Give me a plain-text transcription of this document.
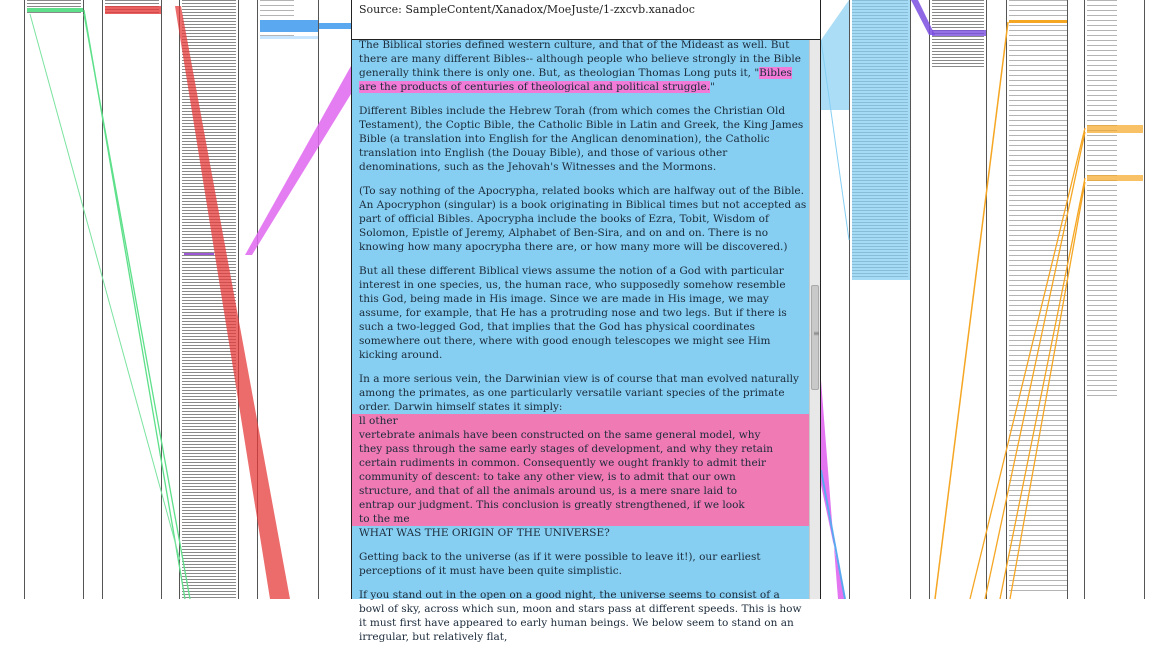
Source: SampleContent/Xanadox/MoeJuste/1-zxcvb.xanadoc

The Biblical stories defined western culture, and that of the Mideast as well. But there are many different Bibles-- although people who believe strongly in the Bible generally think there is only one. But, as theologian Thomas Long puts it, "Bibles are the products of centuries of theological and political struggle."

Different Bibles include the Hebrew Torah (from which comes the Christian Old Testament), the Coptic Bible, the Catholic Bible in Latin and Greek, the King James Bible (a translation into English for the Anglican denomination), the Catholic translation into English (the Douay Bible), and those of various other denominations, such as the Jehovah's Witnesses and the Mormons.

(To say nothing of the Apocrypha, related books which are halfway out of the Bible. An Apocryphon (singular) is a book originating in Biblical times but not accepted as part of official Bibles. Apocrypha include the books of Ezra, Tobit, Wisdom of Solomon, Epistle of Jeremy, Alphabet of Ben-Sira, and on and on. There is no knowing how many apocrypha there are, or how many more will be discovered.)

But all these different Biblical views assume the notion of a God with particular interest in one species, us, the human race, who supposedly somehow resemble this God, being made in His image. Since we are made in His image, we may assume, for example, that He has a protruding nose and two legs. But if there is such a two-legged God, that implies that the God has physical coordinates somewhere out there, where with good enough telescopes we might see Him kicking around.

In a more serious vein, the Darwinian view is of course that man evolved naturally among the primates, as one particularly versatile variant species of the primate order. Darwin himself states it simply:

ll other
vertebrate animals have been constructed on the same general model, why
they pass through the same early stages of development, and why they retain
certain rudiments in common. Consequently we ought frankly to admit their
community of descent: to take any other view, is to admit that our own
structure, and that of all the animals around us, is a mere snare laid to
entrap our judgment. This conclusion is greatly strengthened, if we look
to the me

WHAT WAS THE ORIGIN OF THE UNIVERSE?

Getting back to the universe (as if it were possible to leave it!), our earliest perceptions of it must have been quite simplistic.

If you stand out in the open on a good night, the universe seems to consist of a bowl of sky, across which sun, moon and stars pass at different speeds. This is how it must first have appeared to early human beings. We below seem to stand on an irregular, but relatively flat,

≡
